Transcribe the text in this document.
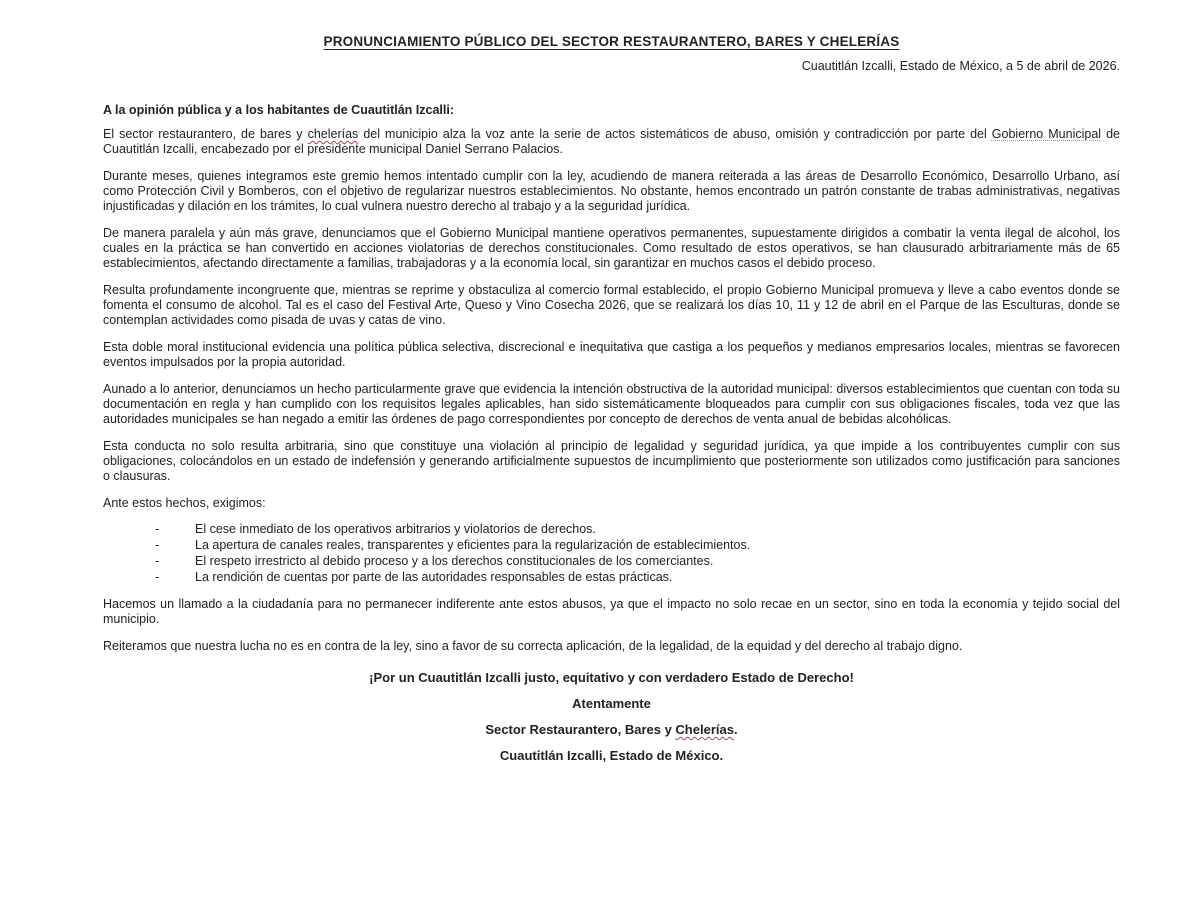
PRONUNCIAMIENTO PÚBLICO DEL SECTOR RESTAURANTERO, BARES Y CHELERÍAS
Cuautitlán Izcalli, Estado de México, a 5 de abril de 2026.
A la opinión pública y a los habitantes de Cuautitlán Izcalli:

El sector restaurantero, de bares y chelerías del municipio alza la voz ante la serie de actos sistemáticos de abuso, omisión y contradicción por parte del Gobierno Municipal de Cuautitlán Izcalli, encabezado por el presidente municipal Daniel Serrano Palacios.

Durante meses, quienes integramos este gremio hemos intentado cumplir con la ley, acudiendo de manera reiterada a las áreas de Desarrollo Económico, Desarrollo Urbano, así como Protección Civil y Bomberos, con el objetivo de regularizar nuestros establecimientos. No obstante, hemos encontrado un patrón constante de trabas administrativas, negativas injustificadas y dilación en los trámites, lo cual vulnera nuestro derecho al trabajo y a la seguridad jurídica.

De manera paralela y aún más grave, denunciamos que el Gobierno Municipal mantiene operativos permanentes, supuestamente dirigidos a combatir la venta ilegal de alcohol, los cuales en la práctica se han convertido en acciones violatorias de derechos constitucionales. Como resultado de estos operativos, se han clausurado arbitrariamente más de 65 establecimientos, afectando directamente a familias, trabajadoras y a la economía local, sin garantizar en muchos casos el debido proceso.

Resulta profundamente incongruente que, mientras se reprime y obstaculiza al comercio formal establecido, el propio Gobierno Municipal promueva y lleve a cabo eventos donde se fomenta el consumo de alcohol. Tal es el caso del Festival Arte, Queso y Vino Cosecha 2026, que se realizará los días 10, 11 y 12 de abril en el Parque de las Esculturas, donde se contemplan actividades como pisada de uvas y catas de vino.

Esta doble moral institucional evidencia una política pública selectiva, discrecional e inequitativa que castiga a los pequeños y medianos empresarios locales, mientras se favorecen eventos impulsados por la propia autoridad.

Aunado a lo anterior, denunciamos un hecho particularmente grave que evidencia la intención obstructiva de la autoridad municipal: diversos establecimientos que cuentan con toda su documentación en regla y han cumplido con los requisitos legales aplicables, han sido sistemáticamente bloqueados para cumplir con sus obligaciones fiscales, toda vez que las autoridades municipales se han negado a emitir las órdenes de pago correspondientes por concepto de derechos de venta anual de bebidas alcohólicas.

Esta conducta no solo resulta arbitraria, sino que constituye una violación al principio de legalidad y seguridad jurídica, ya que impide a los contribuyentes cumplir con sus obligaciones, colocándolos en un estado de indefensión y generando artificialmente supuestos de incumplimiento que posteriormente son utilizados como justificación para sanciones o clausuras.

Ante estos hechos, exigimos:

-	El cese inmediato de los operativos arbitrarios y violatorios de derechos.
-	La apertura de canales reales, transparentes y eficientes para la regularización de establecimientos.
-	El respeto irrestricto al debido proceso y a los derechos constitucionales de los comerciantes.
-	La rendición de cuentas por parte de las autoridades responsables de estas prácticas.

Hacemos un llamado a la ciudadanía para no permanecer indiferente ante estos abusos, ya que el impacto no solo recae en un sector, sino en toda la economía y tejido social del municipio.

Reiteramos que nuestra lucha no es en contra de la ley, sino a favor de su correcta aplicación, de la legalidad, de la equidad y del derecho al trabajo digno.

¡Por un Cuautitlán Izcalli justo, equitativo y con verdadero Estado de Derecho!
Atentamente
Sector Restaurantero, Bares y Chelerías.
Cuautitlán Izcalli, Estado de México.
